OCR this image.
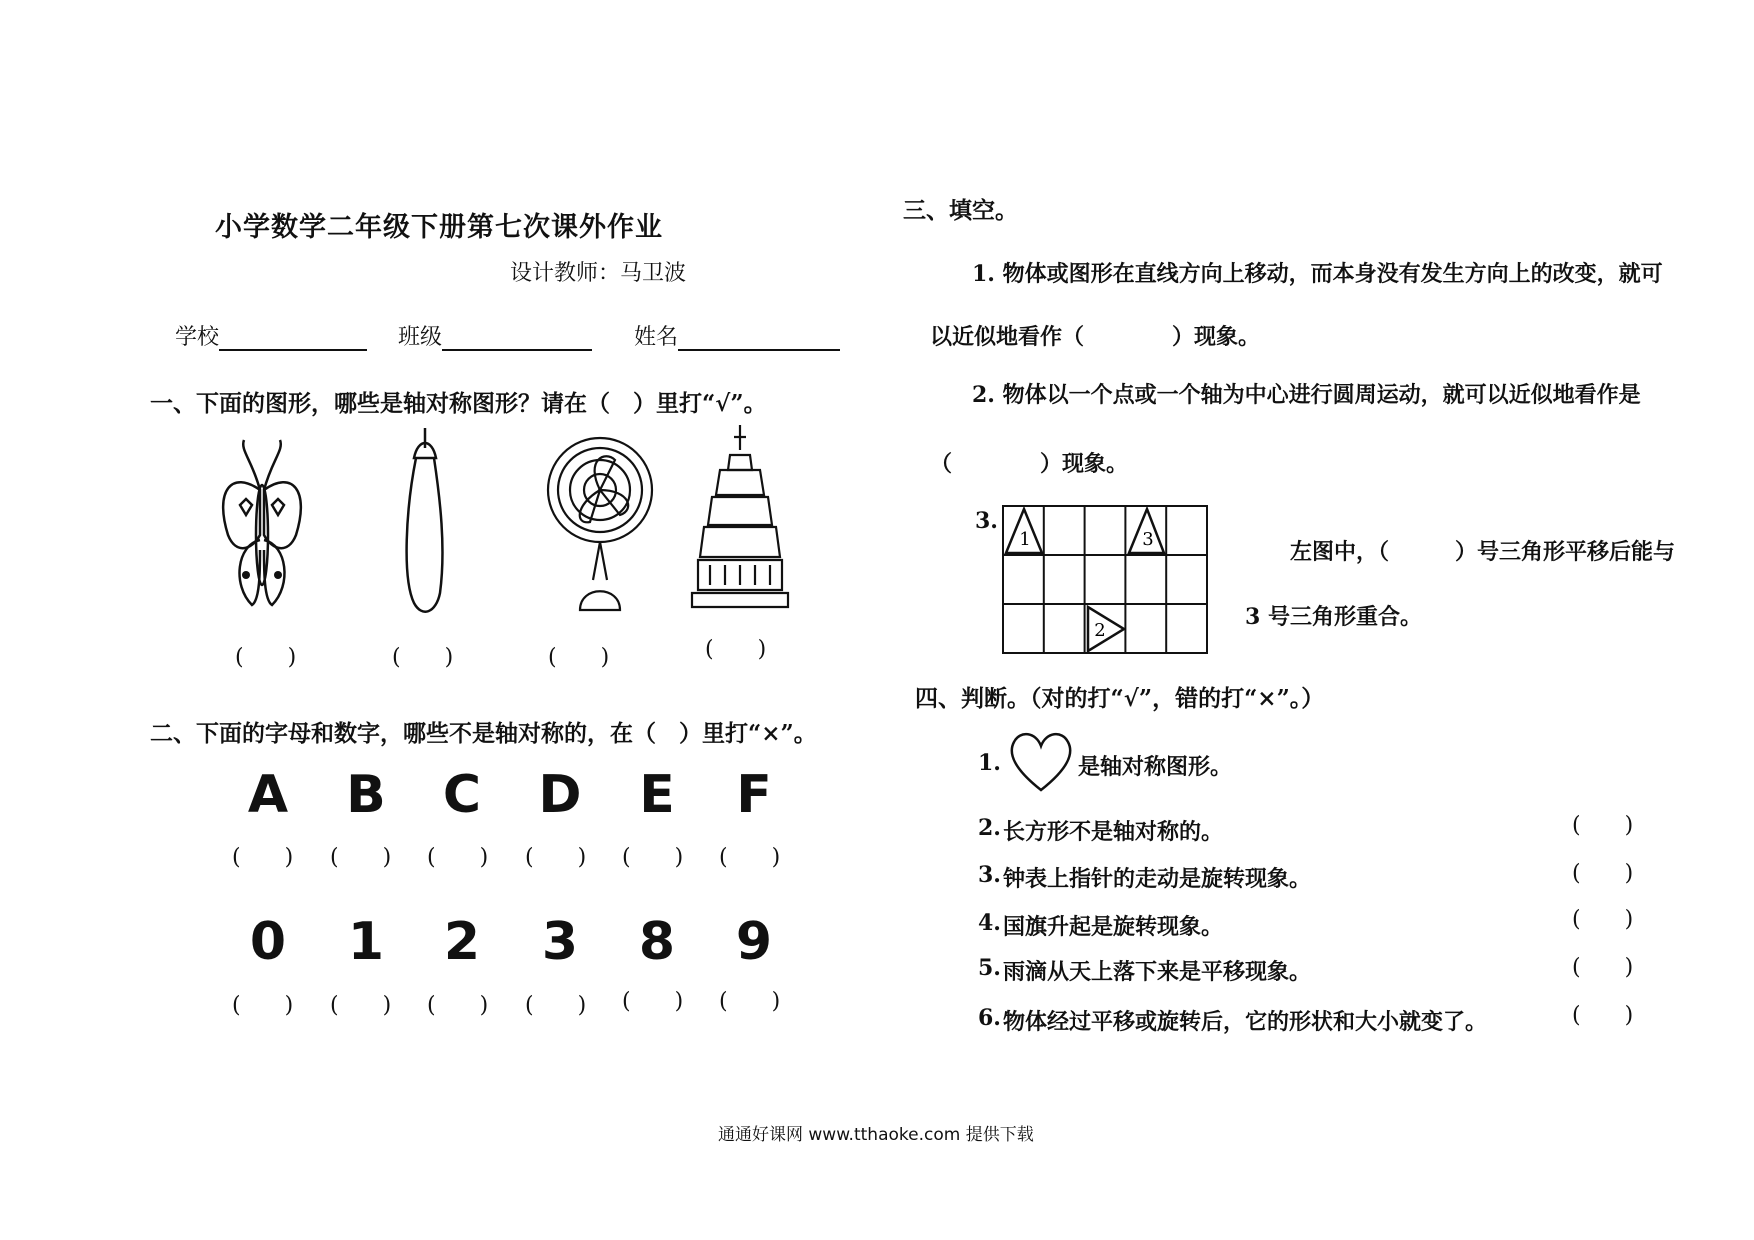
小学数学二年级下册第七次课外作业
设计教师：马卫波
学校	班级	姓名
一、下面的图形，哪些是轴对称图形？请在（　）里打“√”。
(　　)	(　　)	(　　)	(　　)
二、下面的字母和数字，哪些不是轴对称的，在（　）里打“×”。
A B	C	D	E	F
(　　) (　　) (　　) (　　) (　　) (　　)
0	1	2	3	8	9
(　　) (　　) (　　) (　　) (　　) (　　)
三、填空。
1. 物体或图形在直线方向上移动，而本身没有发生方向上的改变，就可
以近似地看作（　　　　）现象。
2. 物体以一个点或一个轴为中心进行圆周运动，就可以近似地看作是
（　　　　）现象。
3.
1	3
2
左图中，（　　　）号三角形平移后能与
3 号三角形重合。
四、判断。（对的打“√”，错的打“×”。）
1.	是轴对称图形。
2. 长方形不是轴对称的。	(　　)
3. 钟表上指针的走动是旋转现象。	(　　)
4. 国旗升起是旋转现象。	(　　)
5. 雨滴从天上落下来是平移现象。	(　　)
6. 物体经过平移或旋转后，它的形状和大小就变了。	(　　)
通通好课网 www.tthaoke.com 提供下载
